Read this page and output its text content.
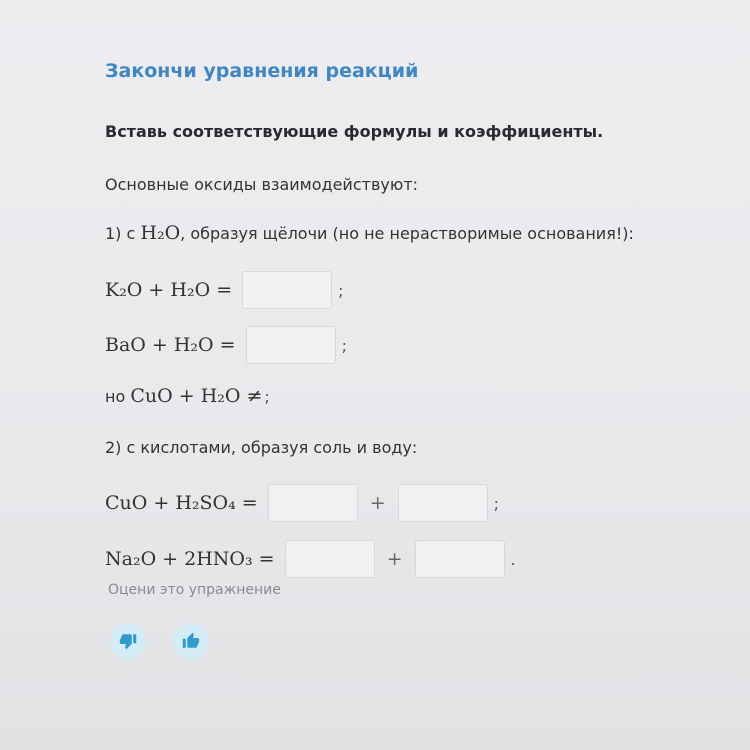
Закончи уравнения реакций
Вставь соответствующие формулы и коэффициенты.
Основные оксиды взаимодействуют:
1)
с
H₂O , образуя щёлочи (но не нерастворимые основания!):
K₂O + H₂O =	;
BaO + H₂O =	;
но
CuO + H₂O ≠ ;
2) с кислотами, образуя соль и воду:
CuO + H₂SO₄ =	+	;
Na₂O + 2HNO₃ =	+	.
Оцени это упражнение
